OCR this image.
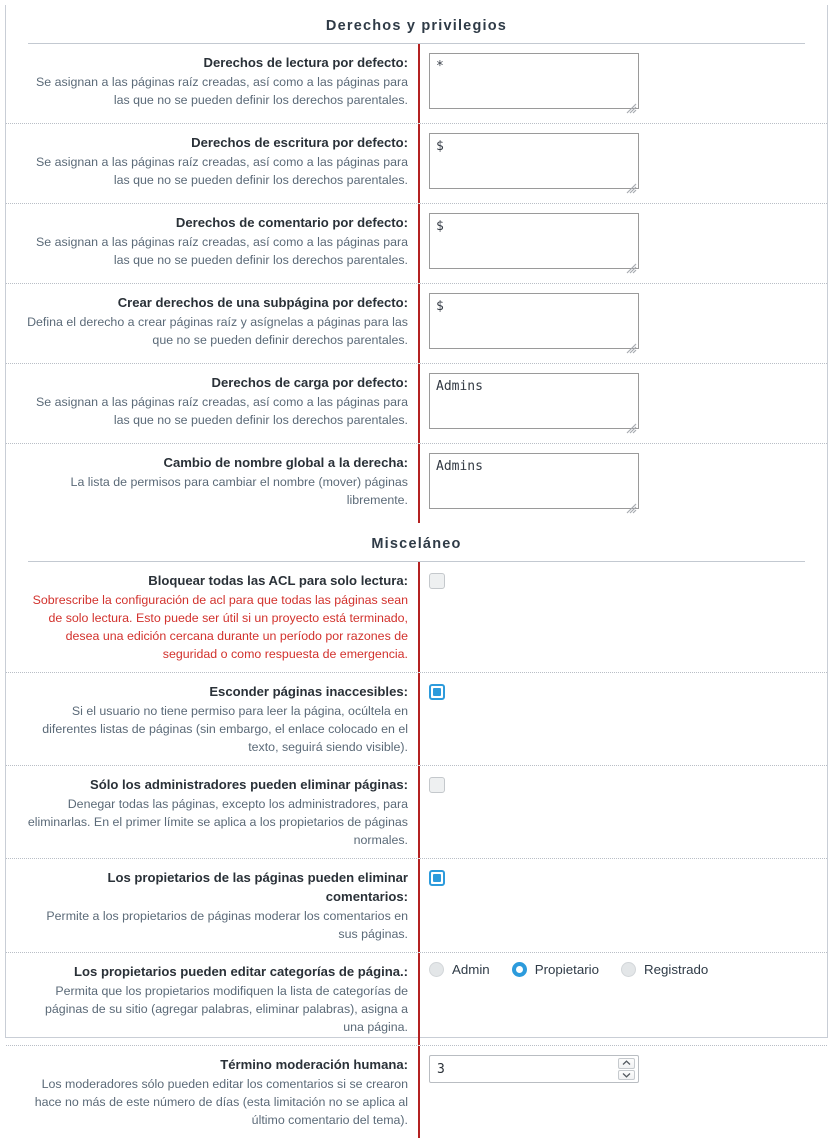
Derechos y privilegios
Derechos de lectura por defecto:
Se asignan a las páginas raíz creadas, así como a las páginas para las que no se pueden definir los derechos parentales.
*
Derechos de escritura por defecto:
Se asignan a las páginas raíz creadas, así como a las páginas para las que no se pueden definir los derechos parentales.
$
Derechos de comentario por defecto:
Se asignan a las páginas raíz creadas, así como a las páginas para las que no se pueden definir los derechos parentales.
$
Crear derechos de una subpágina por defecto:
Defina el derecho a crear páginas raíz y asígnelas a páginas para las que no se pueden definir derechos parentales.
$
Derechos de carga por defecto:
Se asignan a las páginas raíz creadas, así como a las páginas para las que no se pueden definir los derechos parentales.
Admins
Cambio de nombre global a la derecha:
La lista de permisos para cambiar el nombre (mover) páginas libremente.
Admins
Misceláneo
Bloquear todas las ACL para solo lectura:
Sobrescribe la configuración de acl para que todas las páginas sean de solo lectura. Esto puede ser útil si un proyecto está terminado, desea una edición cercana durante un período por razones de seguridad o como respuesta de emergencia.
Esconder páginas inaccesibles:
Si el usuario no tiene permiso para leer la página, ocúltela en diferentes listas de páginas (sin embargo, el enlace colocado en el texto, seguirá siendo visible).
Sólo los administradores pueden eliminar páginas:
Denegar todas las páginas, excepto los administradores, para eliminarlas. En el primer límite se aplica a los propietarios de páginas normales.
Los propietarios de las páginas pueden eliminar comentarios:
Permite a los propietarios de páginas moderar los comentarios en sus páginas.
Los propietarios pueden editar categorías de página.:
Permita que los propietarios modifiquen la lista de categorías de páginas de su sitio (agregar palabras, eliminar palabras), asigna a una página.
Admin	Propietario	Registrado
Término moderación humana:
Los moderadores sólo pueden editar los comentarios si se crearon hace no más de este número de días (esta limitación no se aplica al último comentario del tema).
3
